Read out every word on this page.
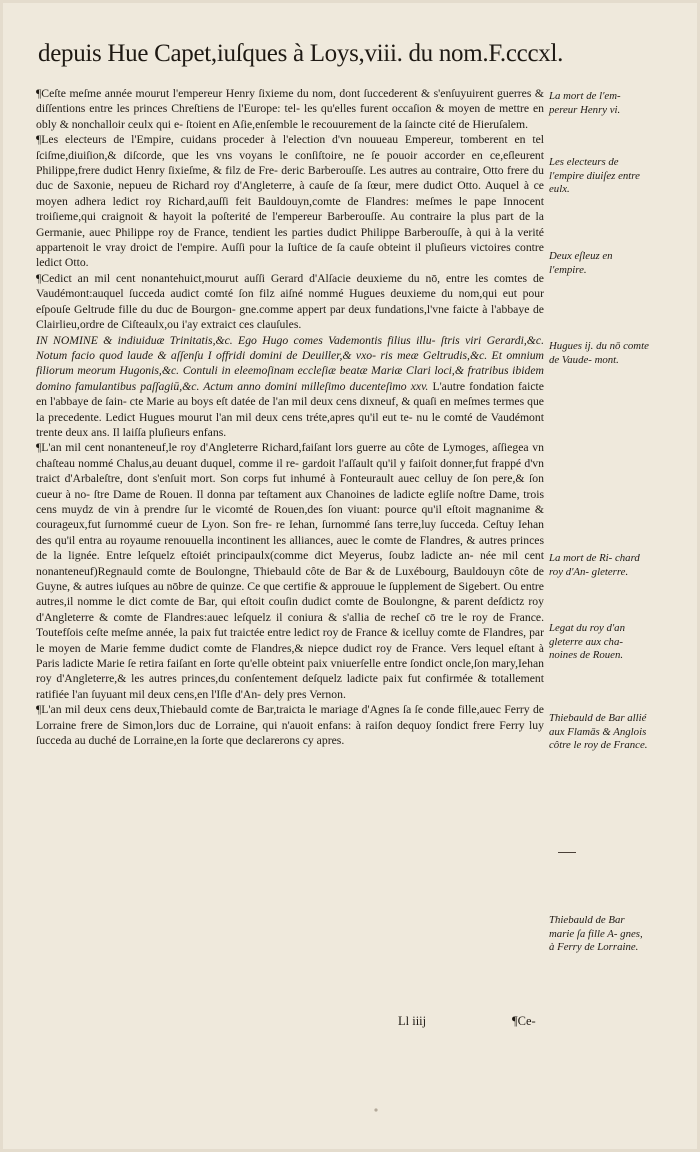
depuis Hue Capet,iuſques à Loys,viii. du nom.F.cccxl.

¶Ceſte meſme année mourut l'empereur Henry ſixieme du nom, dont ſuccederent & s'enſuyuirent guerres & diſſentions entre les princes Chreſtiens de l'Europe: tel- les qu'elles furent occaſion & moyen de mettre en obly & nonchalloir ceulx qui e- ſtoient en Aſie,enſemble le recouurement de la ſaincte cité de Hieruſalem.

¶Les electeurs de l'Empire, cuidans proceder à l'election d'vn nouueau Empereur, tomberent en tel ſciſme,diuiſion,& diſcorde, que les vns voyans le conſiſtoire, ne ſe pouoir accorder en ce,eſleurent Philippe,frere dudict Henry ſixieſme, & filz de Fre- deric Barberouſſe. Les autres au contraire, Otto frere du duc de Saxonie, nepueu de Richard roy d'Angleterre, à cauſe de ſa ſœur, mere dudict Otto. Auquel à ce moyen adhera ledict roy Richard,auſſi feit Bauldouyn,comte de Flandres: meſmes le pape Innocent troiſieme,qui craignoit & hayoit la poſterité de l'empereur Barberouſſe. Au contraire la plus part de la Germanie, auec Philippe roy de France, tendient les parties dudict Philippe Barberouſſe, à qui à la verité appartenoit le vray droict de l'empire. Auſſi pour la Iuſtice de ſa cauſe obteint il pluſieurs victoires contre ledict Otto.

¶Cedict an mil cent nonantehuict,mourut auſſi Gerard d'Alſacie deuxieme du nō, entre les comtes de Vaudémont:auquel ſucceda audict comté ſon filz aiſné nommé Hugues deuxieme du nom,qui eut pour eſpouſe Geltrude fille du duc de Bourgon- gne.comme appert par deux fundations,l'vne faicte à l'abbaye de Clairlieu,ordre de Ciſteaulx,ou i'ay extraict ces clauſules.

IN NOMINE & indiuiduæ Trinitatis,&c. Ego Hugo comes Vademontis filius illu- ſtris viri Gerardi,&c. Notum facio quod laude & aſſenſu I offridi domini de Deuiller,& vxo- ris meæ Geltrudis,&c. Et omnium filiorum meorum Hugonis,&c. Contuli in eleemoſinam eccleſiæ beatæ Mariæ Clari loci,& fratribus ibidem domino famulantibus paſſagiū,&c. Actum anno domini milleſimo ducenteſimo xxv. L'autre fondation faicte en l'abbaye de ſain- cte Marie au boys eſt datée de l'an mil deux cens dixneuf, & quaſi en meſmes termes que la precedente. Ledict Hugues mourut l'an mil deux cens tréte,apres qu'il eut te- nu le comté de Vaudémont trente deux ans. Il laiſſa pluſieurs enfans.

¶L'an mil cent nonanteneuf,le roy d'Angleterre Richard,faiſant lors guerre au côte de Lymoges, aſſiegea vn chaſteau nommé Chalus,au deuant duquel, comme il re- gardoit l'aſſault qu'il y faiſoit donner,fut frappé d'vn traict d'Arbaleſtre, dont s'enſuit mort. Son corps fut inhumé à Fonteurault auec celluy de ſon pere,& ſon cueur à no- ſtre Dame de Rouen. Il donna par teſtament aux Chanoines de ladicte egliſe noſtre Dame, trois cens muydz de vin à prendre ſur le vicomté de Rouen,des ſon viuant: pource qu'il eſtoit magnanime & courageux,fut ſurnommé cueur de Lyon. Son fre- re Iehan, ſurnommé ſans terre,luy ſucceda. Ceſtuy Iehan des qu'il entra au royaume renouuella incontinent les alliances, auec le comte de Flandres, & autres princes de la lignée. Entre leſquelz eſtoiét principaulx(comme dict Meyerus, ſoubz ladicte an- née mil cent nonanteneuf)Regnauld comte de Boulongne, Thiebauld côte de Bar & de Luxébourg, Bauldouyn côte de Guyne, & autres iuſques au nōbre de quinze. Ce que certifie & approuue le ſupplement de Sigebert. Ou entre autres,il nomme le dict comte de Bar, qui eſtoit couſin dudict comte de Boulongne, & parent deſdictz roy d'Angleterre & comte de Flandres:auec leſquelz il coniura & s'allia de recheſ cō tre le roy de France. Toutefſois ceſte meſme année, la paix fut traictée entre ledict roy de France & icelluy comte de Flandres, par le moyen de Marie femme dudict comte de Flandres,& niepce dudict roy de France. Vers lequel eſtant à Paris ladicte Marie ſe retira faiſant en ſorte qu'elle obteint paix vniuerſelle entre ſondict oncle,ſon mary,Iehan roy d'Angleterre,& les autres princes,du conſentement deſquelz ladicte paix fut confirmée & totallement ratifiée l'an ſuyuant mil deux cens,en l'Iſle d'An- dely pres Vernon.

¶L'an mil deux cens deux,Thiebauld comte de Bar,traicta le mariage d'Agnes ſa ſe conde fille,auec Ferry de Lorraine frere de Simon,lors duc de Lorraine, qui n'auoit enfans: à raiſon dequoy ſondict frere Ferry luy ſucceda au duché de Lorraine,en la ſorte que declarerons cy apres.

La mort de l'em- pereur Henry vi.
Les electeurs de l'empire diuiſez entre eulx.
Deux eſleuz en l'empire.
Hugues ij. du nō comte de Vaude- mont.
La mort de Ri- chard roy d'An- gleterre.
Legat du roy d'an gleterre aux cha- noines de Rouen.
Thiebauld de Bar allié aux Flamās & Anglois côtre le roy de France.
Thiebauld de Bar marie ſa fille A- gnes, à Ferry de Lorraine.
Ll iiij	¶Ce-
